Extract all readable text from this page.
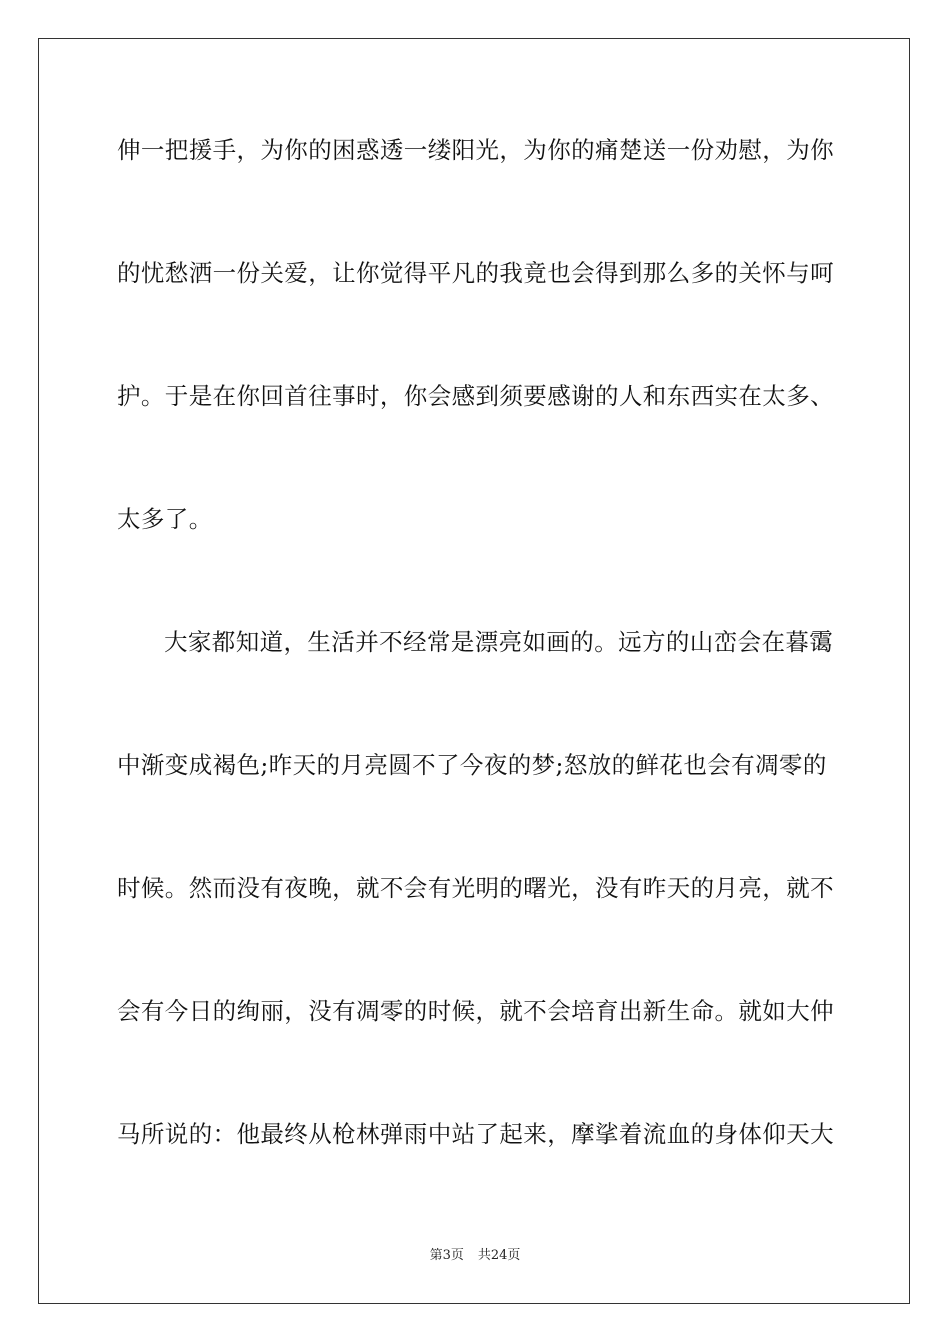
伸一把援手，为你的困惑透一缕阳光，为你的痛楚送一份劝慰，为你
的忧愁洒一份关爱，让你觉得平凡的我竟也会得到那么多的关怀与呵
护。于是在你回首往事时，你会感到须要感谢的人和东西实在太多、
太多了。
大家都知道，生活并不经常是漂亮如画的。远方的山峦会在暮霭
中渐变成褐色;昨天的月亮圆不了今夜的梦;怒放的鲜花也会有凋零的
时候。然而没有夜晚，就不会有光明的曙光，没有昨天的月亮，就不
会有今日的绚丽，没有凋零的时候，就不会培育出新生命。就如大仲
马所说的：他最终从枪林弹雨中站了起来，摩挲着流血的身体仰天大
第3页 共24页
